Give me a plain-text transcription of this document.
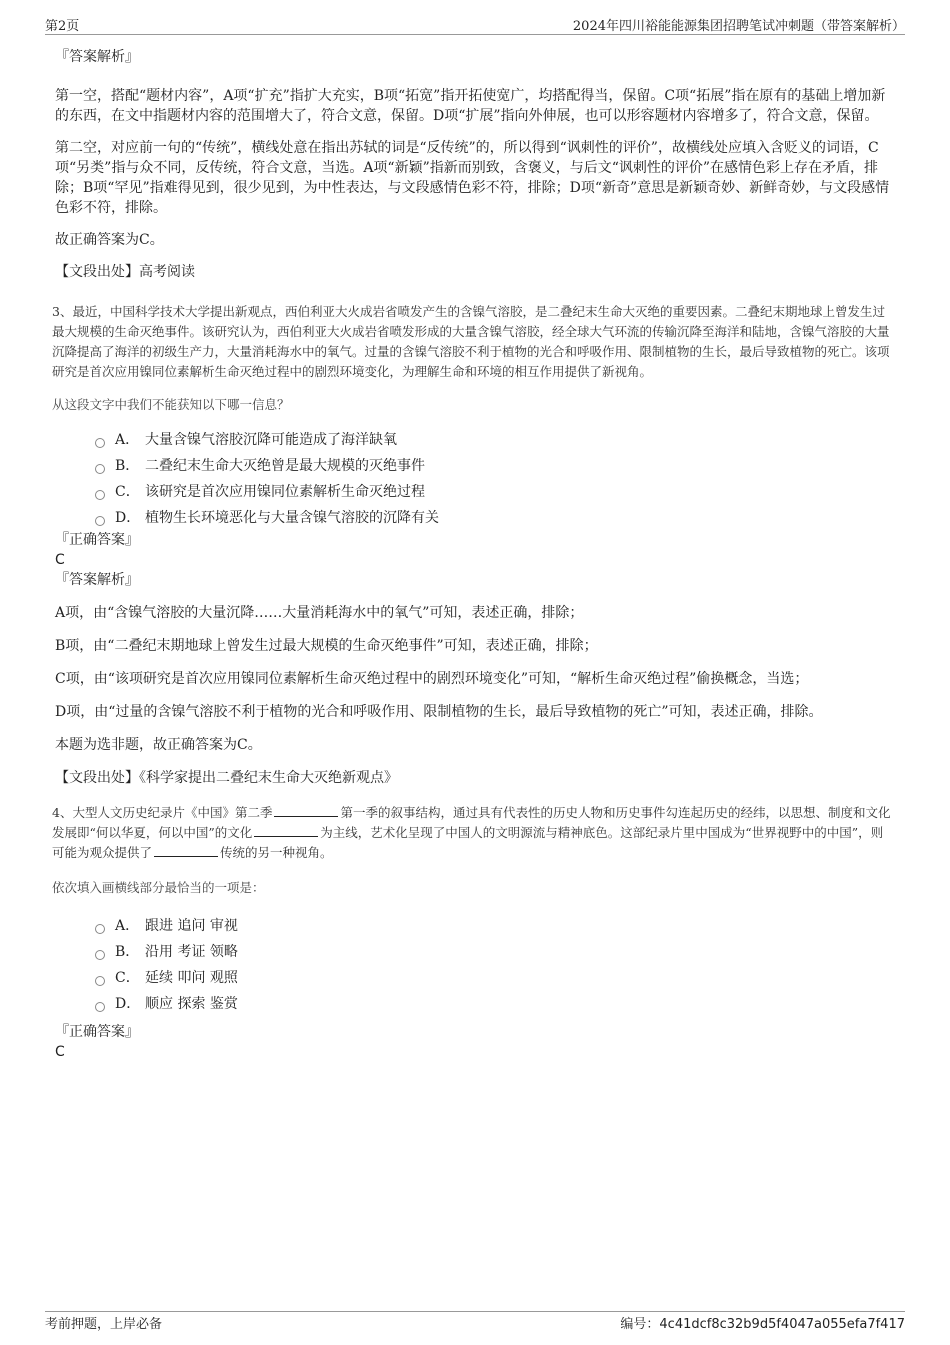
第2页	2024年四川裕能能源集团招聘笔试冲刺题（带答案解析）
『答案解析』

第一空，搭配“题材内容”，A项“扩充”指扩大充实，B项“拓宽”指开拓使宽广，均搭配得当，保留。C项“拓展”指在原有的基础上增加新的东西，在文中指题材内容的范围增大了，符合文意，保留。D项“扩展”指向外伸展，也可以形容题材内容增多了，符合文意，保留。

第二空，对应前一句的“传统”，横线处意在指出苏轼的词是“反传统”的，所以得到“讽刺性的评价”，故横线处应填入含贬义的词语，C项“另类”指与众不同，反传统，符合文意，当选。A项“新颖”指新而别致，含褒义，与后文“讽刺性的评价”在感情色彩上存在矛盾，排除；B项“罕见”指难得见到，很少见到，为中性表达，与文段感情色彩不符，排除；D项“新奇”意思是新颖奇妙、新鲜奇妙，与文段感情色彩不符，排除。

故正确答案为C。

【文段出处】高考阅读

3、最近，中国科学技术大学提出新观点，西伯利亚大火成岩省喷发产生的含镍气溶胶，是二叠纪末生命大灭绝的重要因素。二叠纪末期地球上曾发生过最大规模的生命灭绝事件。该研究认为，西伯利亚大火成岩省喷发形成的大量含镍气溶胶，经全球大气环流的传输沉降至海洋和陆地，含镍气溶胶的大量沉降提高了海洋的初级生产力，大量消耗海水中的氧气。过量的含镍气溶胶不利于植物的光合和呼吸作用、限制植物的生长，最后导致植物的死亡。该项研究是首次应用镍同位素解析生命灭绝过程中的剧烈环境变化，为理解生命和环境的相互作用提供了新视角。

从这段文字中我们不能获知以下哪一信息？

A． 大量含镍气溶胶沉降可能造成了海洋缺氧
B． 二叠纪末生命大灭绝曾是最大规模的灭绝事件
C． 该研究是首次应用镍同位素解析生命灭绝过程
D． 植物生长环境恶化与大量含镍气溶胶的沉降有关
『正确答案』
C
『答案解析』

A项，由“含镍气溶胶的大量沉降……大量消耗海水中的氧气”可知，表述正确，排除；

B项，由“二叠纪末期地球上曾发生过最大规模的生命灭绝事件”可知，表述正确，排除；

C项，由“该项研究是首次应用镍同位素解析生命灭绝过程中的剧烈环境变化”可知，“解析生命灭绝过程”偷换概念，当选；

D项，由“过量的含镍气溶胶不利于植物的光合和呼吸作用、限制植物的生长，最后导致植物的死亡”可知，表述正确，排除。

本题为选非题，故正确答案为C。

【文段出处】《科学家提出二叠纪末生命大灭绝新观点》

4、大型人文历史纪录片《中国》第二季	第一季的叙事结构，通过具有代表性的历史人物和历史事件勾连起历史的经纬，以思想、制度和文化发展即“何以华夏，何以中国”的文化	为主线，艺术化呈现了中国人的文明源流与精神底色。这部纪录片里中国成为“世界视野中的中国”，则可能为观众提供了	传统的另一种视角。

依次填入画横线部分最恰当的一项是：

A． 跟进 追问 审视
B． 沿用 考证 领略
C． 延续 叩问 观照
D． 顺应 探索 鉴赏
『正确答案』
C
考前押题，上岸必备	编号：4c41dcf8c32b9d5f4047a055efa7f417
